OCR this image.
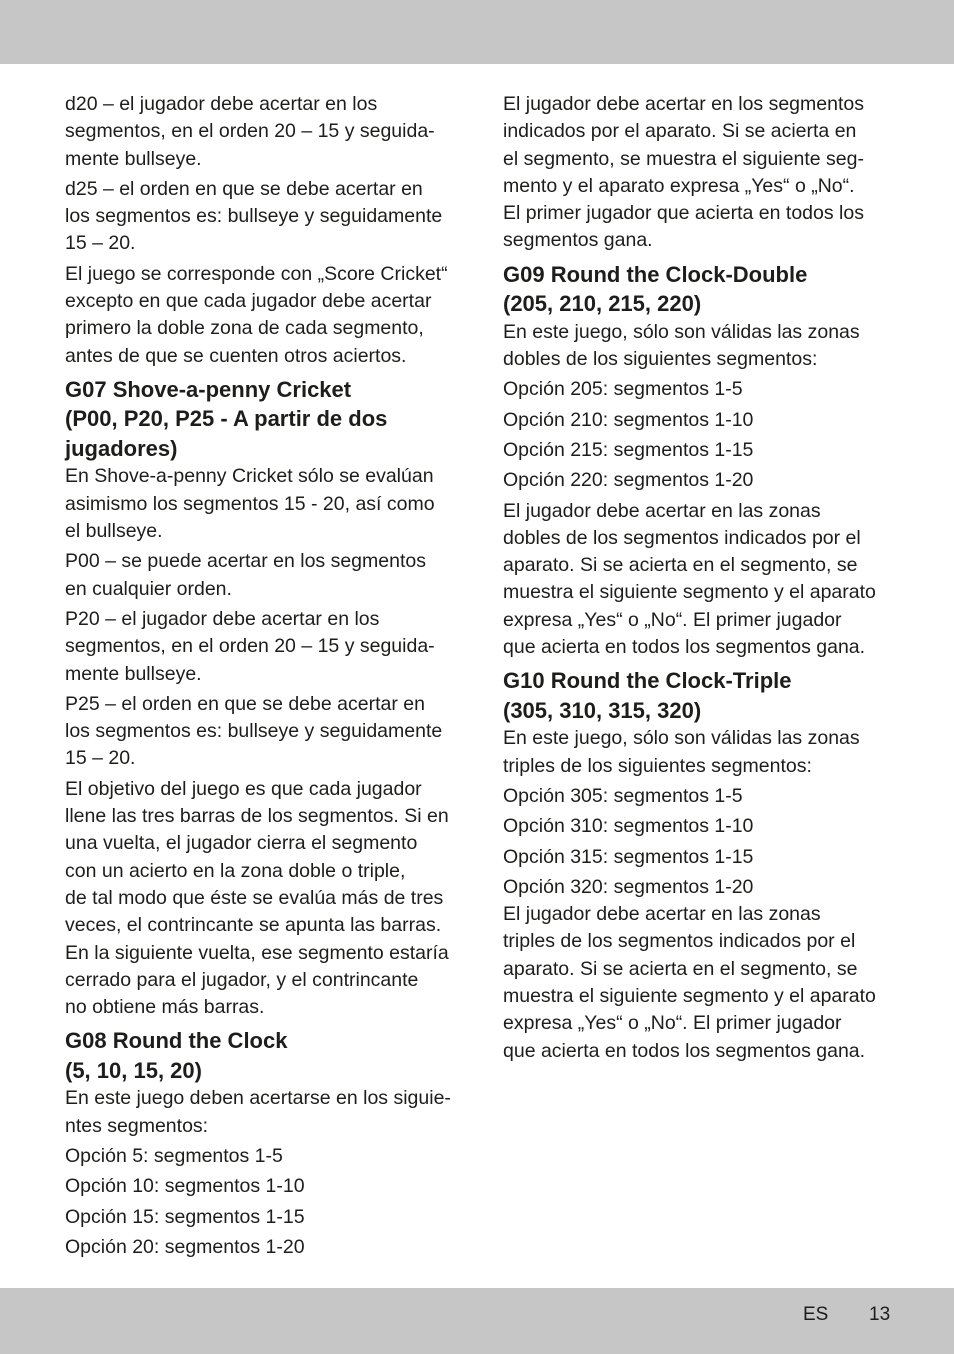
d20 – el jugador debe acertar en los
segmentos, en el orden 20 – 15 y seguida-
mente bullseye.
d25 – el orden en que se debe acertar en
los segmentos es: bullseye y seguidamente
15 – 20.
El juego se corresponde con „Score Cricket“
excepto en que cada jugador debe acertar
primero la doble zona de cada segmento,
antes de que se cuenten otros aciertos.
G07 Shove-a-penny Cricket
(P00, P20, P25 - A partir de dos
jugadores)
En Shove-a-penny Cricket sólo se evalúan
asimismo los segmentos 15 - 20, así como
el bullseye.
P00 – se puede acertar en los segmentos
en cualquier orden.
P20 – el jugador debe acertar en los
segmentos, en el orden 20 – 15 y seguida-
mente bullseye.
P25 – el orden en que se debe acertar en
los segmentos es: bullseye y seguidamente
15 – 20.
El objetivo del juego es que cada jugador
llene las tres barras de los segmentos. Si en
una vuelta, el jugador cierra el segmento
con un acierto en la zona doble o triple,
de tal modo que éste se evalúa más de tres
veces, el contrincante se apunta las barras.
En la siguiente vuelta, ese segmento estaría
cerrado para el jugador, y el contrincante
no obtiene más barras.
G08 Round the Clock
(5, 10, 15, 20)
En este juego deben acertarse en los siguie-
ntes segmentos:
Opción 5: segmentos 1-5
Opción 10: segmentos 1-10
Opción 15: segmentos 1-15
Opción 20: segmentos 1-20
El jugador debe acertar en los segmentos
indicados por el aparato. Si se acierta en
el segmento, se muestra el siguiente seg-
mento y el aparato expresa „Yes“ o „No“.
El primer jugador que acierta en todos los
segmentos gana.
G09 Round the Clock-Double
(205, 210, 215, 220)
En este juego, sólo son válidas las zonas
dobles de los siguientes segmentos:
Opción 205: segmentos 1-5
Opción 210: segmentos 1-10
Opción 215: segmentos 1-15
Opción 220: segmentos 1-20
El jugador debe acertar en las zonas
dobles de los segmentos indicados por el
aparato. Si se acierta en el segmento, se
muestra el siguiente segmento y el aparato
expresa „Yes“ o „No“. El primer jugador
que acierta en todos los segmentos gana.
G10 Round the Clock-Triple
(305, 310, 315, 320)
En este juego, sólo son válidas las zonas
triples de los siguientes segmentos:
Opción 305: segmentos 1-5
Opción 310: segmentos 1-10
Opción 315: segmentos 1-15
Opción 320: segmentos 1-20
El jugador debe acertar en las zonas
triples de los segmentos indicados por el
aparato. Si se acierta en el segmento, se
muestra el siguiente segmento y el aparato
expresa „Yes“ o „No“. El primer jugador
que acierta en todos los segmentos gana.
ES 13
